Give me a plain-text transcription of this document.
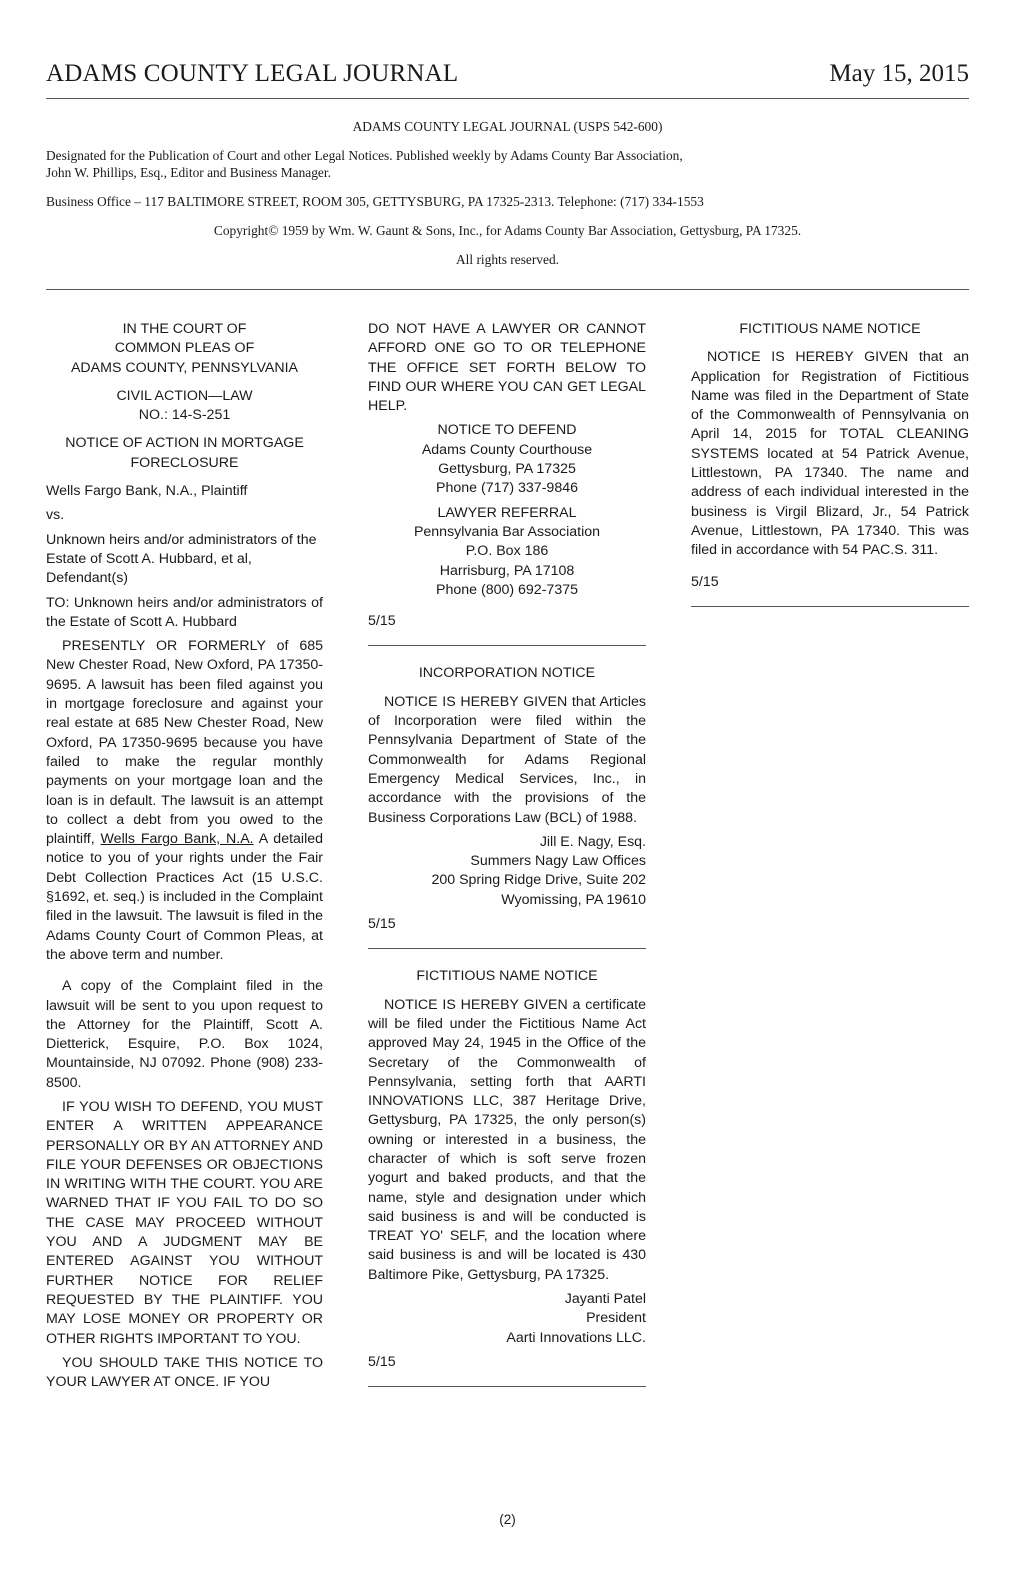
ADAMS COUNTY LEGAL JOURNAL	May 15, 2015
ADAMS COUNTY LEGAL JOURNAL (USPS 542-600)
Designated for the Publication of Court and other Legal Notices. Published weekly by Adams County Bar Association,
John W. Phillips, Esq., Editor and Business Manager.
Business Office – 117 BALTIMORE STREET, ROOM 305, GETTYSBURG, PA 17325-2313. Telephone: (717) 334-1553
Copyright© 1959 by Wm. W. Gaunt & Sons, Inc., for Adams County Bar Association, Gettysburg, PA 17325.
All rights reserved.
IN THE COURT OF
COMMON PLEAS OF
ADAMS COUNTY, PENNSYLVANIA
CIVIL ACTION—LAW
NO.: 14-S-251
NOTICE OF ACTION IN MORTGAGE
FORECLOSURE
Wells Fargo Bank, N.A., Plaintiff
vs.
Unknown heirs and/or administrators of the Estate of Scott A. Hubbard, et al, Defendant(s)
TO: Unknown heirs and/or administrators of the Estate of Scott A. Hubbard
PRESENTLY OR FORMERLY of 685 New Chester Road, New Oxford, PA 17350-9695. A lawsuit has been filed against you in mortgage foreclosure and against your real estate at 685 New Chester Road, New Oxford, PA 17350-9695 because you have failed to make the regular monthly payments on your mortgage loan and the loan is in default. The lawsuit is an attempt to collect a debt from you owed to the plaintiff, Wells Fargo Bank, N.A. A detailed notice to you of your rights under the Fair Debt Collection Practices Act (15 U.S.C. §1692, et. seq.) is included in the Complaint filed in the lawsuit. The lawsuit is filed in the Adams County Court of Common Pleas, at the above term and number.
A copy of the Complaint filed in the lawsuit will be sent to you upon request to the Attorney for the Plaintiff, Scott A. Dietterick, Esquire, P.O. Box 1024, Mountainside, NJ 07092. Phone (908) 233-8500.
IF YOU WISH TO DEFEND, YOU MUST ENTER A WRITTEN APPEARANCE PERSONALLY OR BY AN ATTORNEY AND FILE YOUR DEFENSES OR OBJECTIONS IN WRITING WITH THE COURT. YOU ARE WARNED THAT IF YOU FAIL TO DO SO THE CASE MAY PROCEED WITHOUT YOU AND A JUDGMENT MAY BE ENTERED AGAINST YOU WITHOUT FURTHER NOTICE FOR RELIEF REQUESTED BY THE PLAINTIFF. YOU MAY LOSE MONEY OR PROPERTY OR OTHER RIGHTS IMPORTANT TO YOU.
YOU SHOULD TAKE THIS NOTICE TO YOUR LAWYER AT ONCE. IF YOU
DO NOT HAVE A LAWYER OR CANNOT AFFORD ONE GO TO OR TELEPHONE THE OFFICE SET FORTH BELOW TO FIND OUR WHERE YOU CAN GET LEGAL HELP.
NOTICE TO DEFEND
Adams County Courthouse
Gettysburg, PA 17325
Phone (717) 337-9846
LAWYER REFERRAL
Pennsylvania Bar Association
P.O. Box 186
Harrisburg, PA 17108
Phone (800) 692-7375
5/15
INCORPORATION NOTICE
NOTICE IS HEREBY GIVEN that Articles of Incorporation were filed within the Pennsylvania Department of State of the Commonwealth for Adams Regional Emergency Medical Services, Inc., in accordance with the provisions of the Business Corporations Law (BCL) of 1988.
Jill E. Nagy, Esq.
Summers Nagy Law Offices
200 Spring Ridge Drive, Suite 202
Wyomissing, PA 19610
5/15
FICTITIOUS NAME NOTICE
NOTICE IS HEREBY GIVEN a certificate will be filed under the Fictitious Name Act approved May 24, 1945 in the Office of the Secretary of the Commonwealth of Pennsylvania, setting forth that AARTI INNOVATIONS LLC, 387 Heritage Drive, Gettysburg, PA 17325, the only person(s) owning or interested in a business, the character of which is soft serve frozen yogurt and baked products, and that the name, style and designation under which said business is and will be conducted is TREAT YO' SELF, and the location where said business is and will be located is 430 Baltimore Pike, Gettysburg, PA 17325.
Jayanti Patel
President
Aarti Innovations LLC.
5/15
FICTITIOUS NAME NOTICE
NOTICE IS HEREBY GIVEN that an Application for Registration of Fictitious Name was filed in the Department of State of the Commonwealth of Pennsylvania on April 14, 2015 for TOTAL CLEANING SYSTEMS located at 54 Patrick Avenue, Littlestown, PA 17340. The name and address of each individual interested in the business is Virgil Blizard, Jr., 54 Patrick Avenue, Littlestown, PA 17340. This was filed in accordance with 54 PAC.S. 311.
5/15
(2)
